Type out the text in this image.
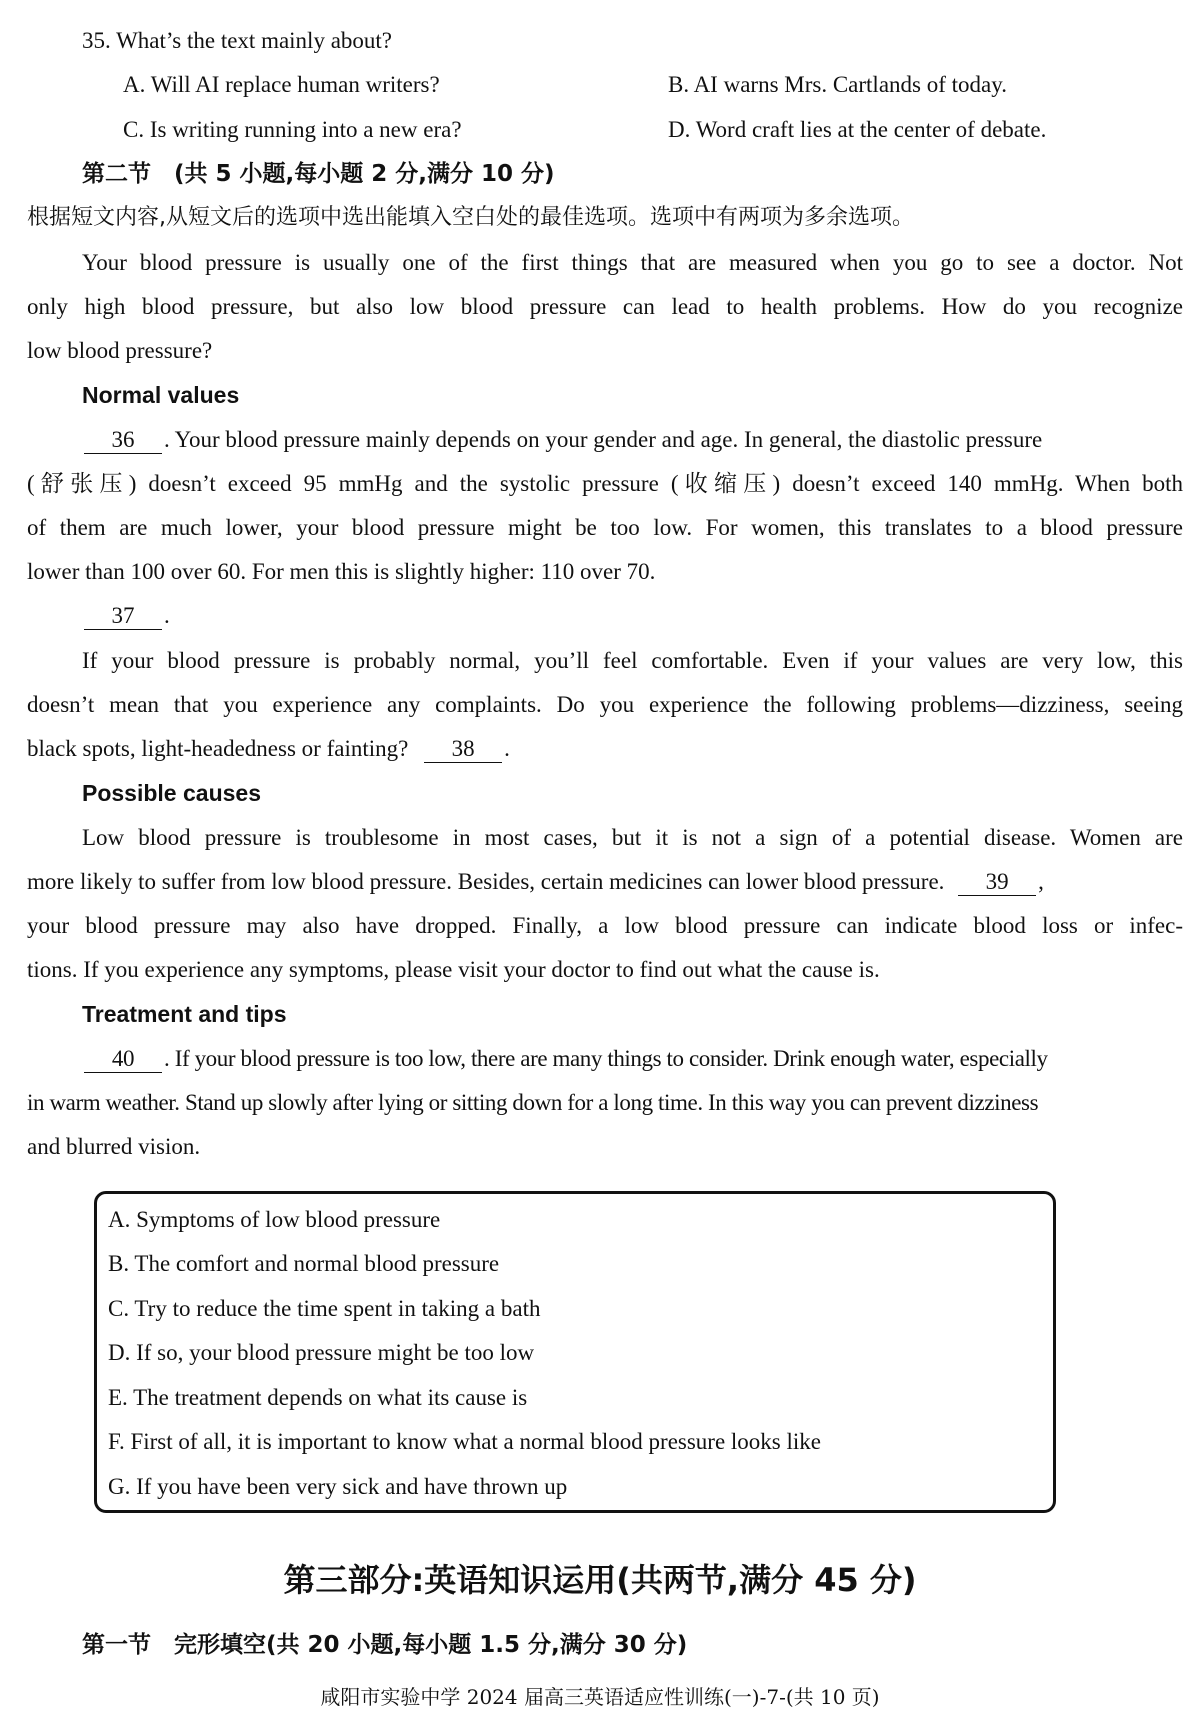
35. What’s the text mainly about?
A. Will AI replace human writers?	B. AI warns Mrs. Cartlands of today.
C. Is writing running into a new era?	D. Word craft lies at the center of debate.
第二节　(共 5 小题,每小题 2 分,满分 10 分)
根据短文内容,从短文后的选项中选出能填入空白处的最佳选项。选项中有两项为多余选项。
Your blood pressure is usually one of the first things that are measured when you go to see a doctor. Not
only high blood pressure, but also low blood pressure can lead to health problems. How do you recognize
low blood pressure?
Normal values
36 . Your blood pressure mainly depends on your gender and age. In general, the diastolic pressure
(舒张压) doesn’t exceed 95 mmHg and the systolic pressure (收缩压) doesn’t exceed 140 mmHg. When both
of them are much lower, your blood pressure might be too low. For women, this translates to a blood pressure
lower than 100 over 60. For men this is slightly higher: 110 over 70.
37 .
If your blood pressure is probably normal, you’ll feel comfortable. Even if your values are very low, this
doesn’t mean that you experience any complaints. Do you experience the following problems—dizziness, seeing
black spots, light-headedness or fainting? 38 .
Possible causes
Low blood pressure is troublesome in most cases, but it is not a sign of a potential disease. Women are
more likely to suffer from low blood pressure. Besides, certain medicines can lower blood pressure. 39 ,
your blood pressure may also have dropped. Finally, a low blood pressure can indicate blood loss or infec-
tions. If you experience any symptoms, please visit your doctor to find out what the cause is.
Treatment and tips
40 . If your blood pressure is too low, there are many things to consider. Drink enough water, especially
in warm weather. Stand up slowly after lying or sitting down for a long time. In this way you can prevent dizziness
and blurred vision.
A. Symptoms of low blood pressure
B. The comfort and normal blood pressure
C. Try to reduce the time spent in taking a bath
D. If so, your blood pressure might be too low
E. The treatment depends on what its cause is
F. First of all, it is important to know what a normal blood pressure looks like
G. If you have been very sick and have thrown up
第三部分:英语知识运用(共两节,满分 45 分)
第一节　完形填空(共 20 小题,每小题 1.5 分,满分 30 分)
咸阳市实验中学 2024 届高三英语适应性训练(一)-7-(共 10 页)
